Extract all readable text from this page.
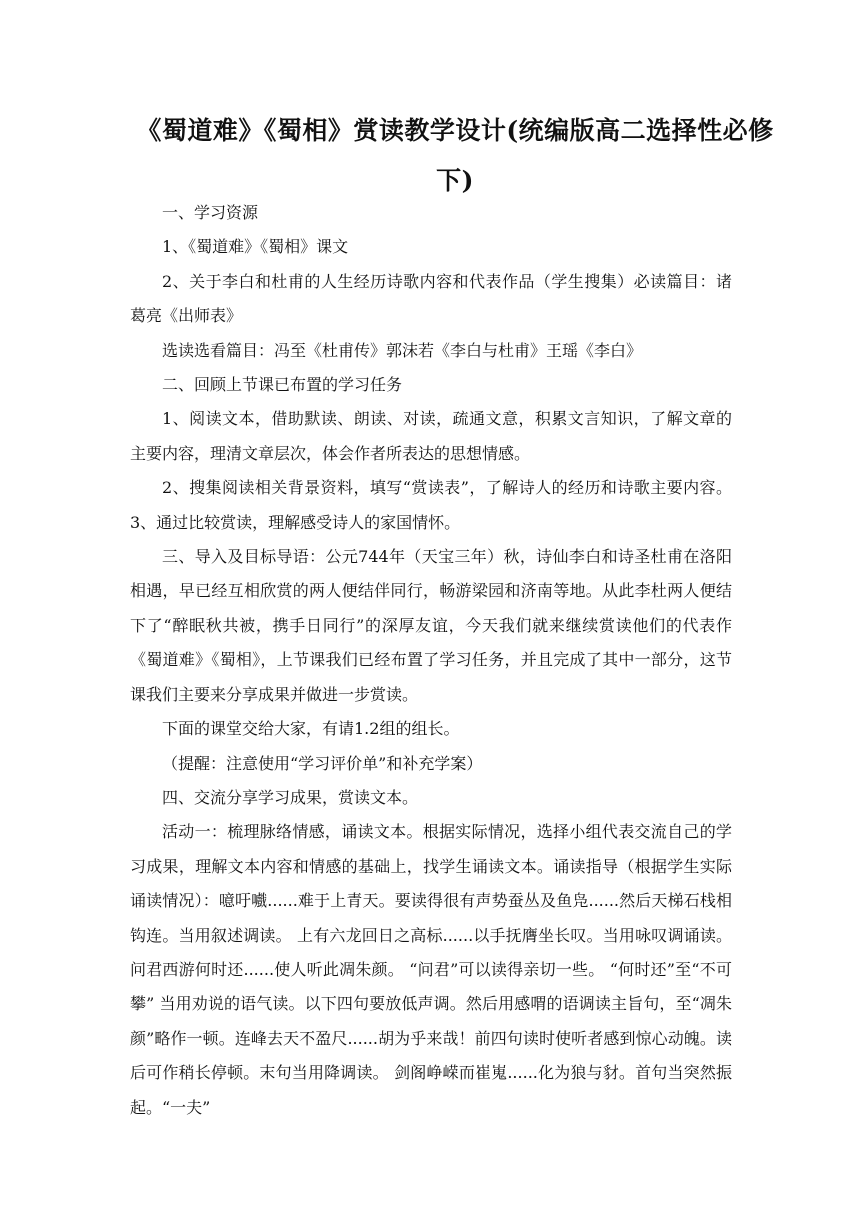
《蜀道难》《蜀相》赏读教学设计(统编版高二选择性必修下)

一、学习资源

1、《蜀道难》《蜀相》课文

2、关于李白和杜甫的人生经历诗歌内容和代表作品（学生搜集）必读篇目：诸葛亮《出师表》

选读选看篇目：冯至《杜甫传》郭沫若《李白与杜甫》王瑶《李白》

二、回顾上节课已布置的学习任务

1、阅读文本，借助默读、朗读、对读，疏通文意，积累文言知识，了解文章的主要内容，理清文章层次，体会作者所表达的思想情感。

2、搜集阅读相关背景资料，填写“赏读表”，了解诗人的经历和诗歌主要内容。3、通过比较赏读，理解感受诗人的家国情怀。

三、导入及目标导语：公元744年（天宝三年）秋，诗仙李白和诗圣杜甫在洛阳相遇，早已经互相欣赏的两人便结伴同行，畅游梁园和济南等地。从此李杜两人便结下了“醉眠秋共被，携手日同行”的深厚友谊，今天我们就来继续赏读他们的代表作《蜀道难》《蜀相》，上节课我们已经布置了学习任务，并且完成了其中一部分，这节课我们主要来分享成果并做进一步赏读。

下面的课堂交给大家，有请1.2组的组长。

（提醒：注意使用“学习评价单”和补充学案）

四、交流分享学习成果，赏读文本。

活动一：梳理脉络情感，诵读文本。根据实际情况，选择小组代表交流自己的学习成果，理解文本内容和情感的基础上，找学生诵读文本。诵读指导（根据学生实际诵读情况）：噫吁嚱......难于上青天。要读得很有声势蚕丛及鱼凫......然后天梯石栈相钩连。当用叙述调读。 上有六龙回日之高标......以手抚膺坐长叹。当用咏叹调诵读。 问君西游何时还......使人听此凋朱颜。 “问君”可以读得亲切一些。 “何时还”至“不可攀” 当用劝说的语气读。以下四句要放低声调。然后用感喟的语调读主旨句，至“凋朱颜”略作一顿。连峰去天不盈尺......胡为乎来哉！前四句读时使听者感到惊心动魄。读后可作稍长停顿。末句当用降调读。 剑阁峥嵘而崔嵬......化为狼与豺。首句当突然振起。“一夫”
